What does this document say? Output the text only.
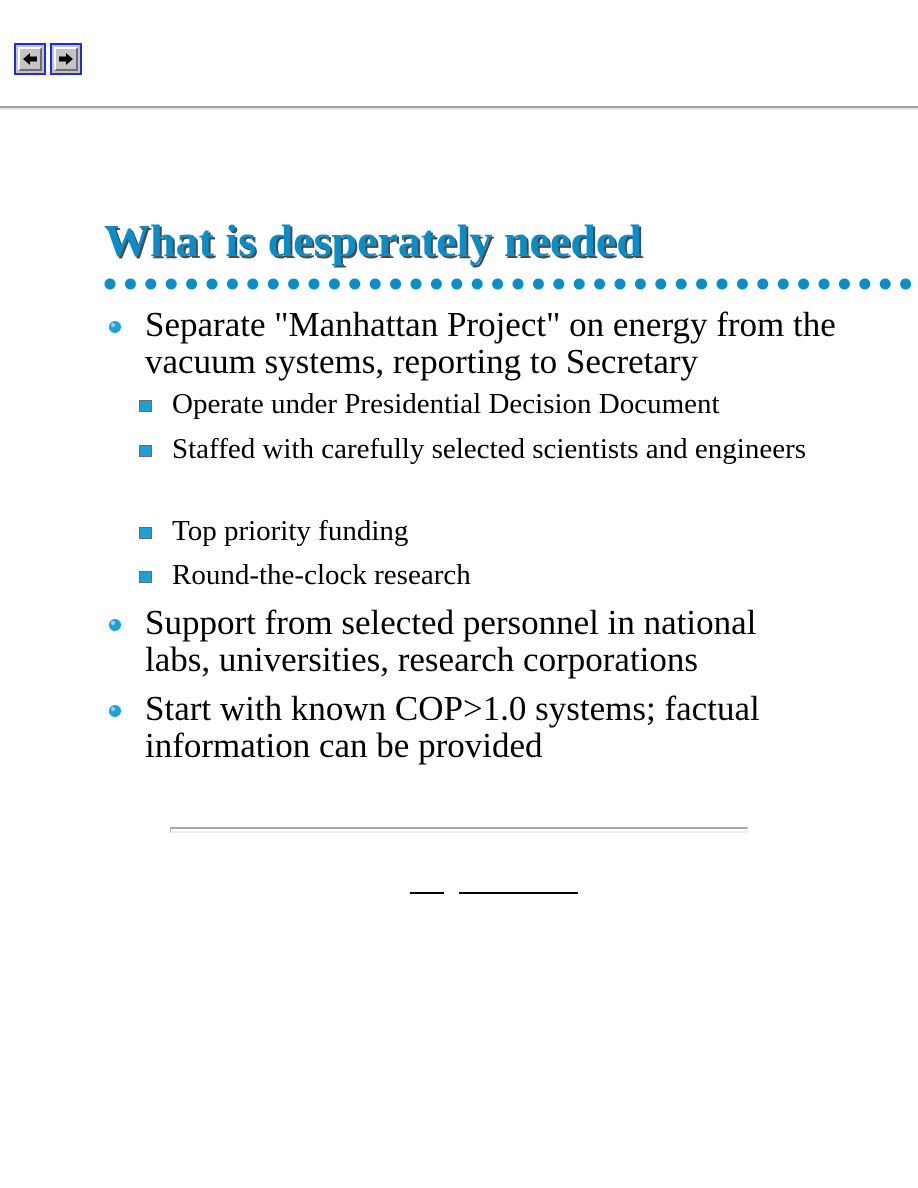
What is desperately needed
Separate "Manhattan Project" on energy from the vacuum systems, reporting to Secretary
Operate under Presidential Decision Document
Staffed with carefully selected scientists and engineers
Top priority funding
Round-the-clock research
Support from selected personnel in national labs, universities, research corporations
Start with known COP>1.0 systems; factual information can be provided
